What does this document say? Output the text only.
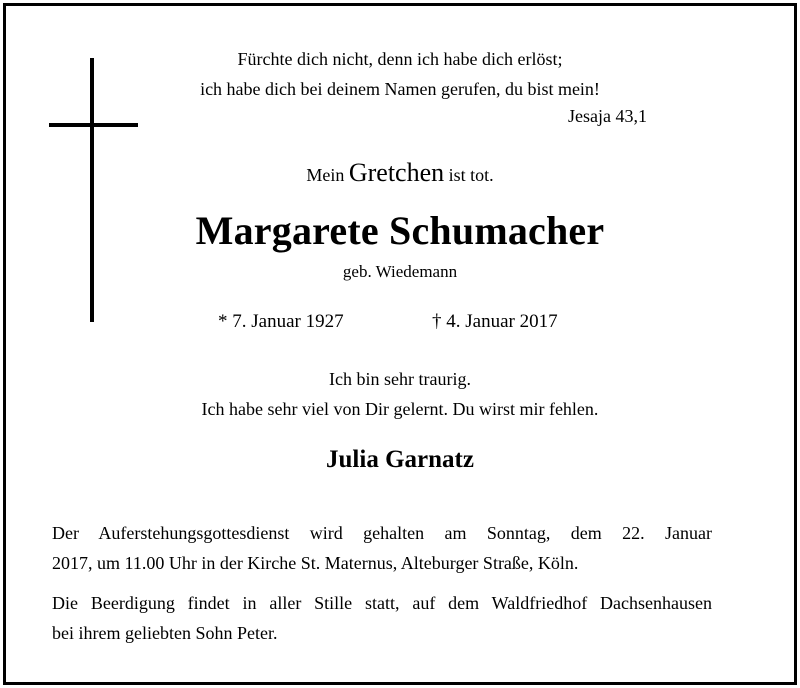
Fürchte dich nicht, denn ich habe dich erlöst;
ich habe dich bei deinem Namen gerufen, du bist mein!
Jesaja 43,1
Mein Gretchen ist tot.
Margarete Schumacher
geb. Wiedemann
* 7. Januar 1927	† 4. Januar 2017
Ich bin sehr traurig.
Ich habe sehr viel von Dir gelernt. Du wirst mir fehlen.
Julia Garnatz
Der Auferstehungsgottesdienst wird gehalten am Sonntag, dem 22. Januar
2017, um 11.00 Uhr in der Kirche St. Maternus, Alteburger Straße, Köln.
Die Beerdigung findet in aller Stille statt, auf dem Waldfriedhof Dachsenhausen
bei ihrem geliebten Sohn Peter.
